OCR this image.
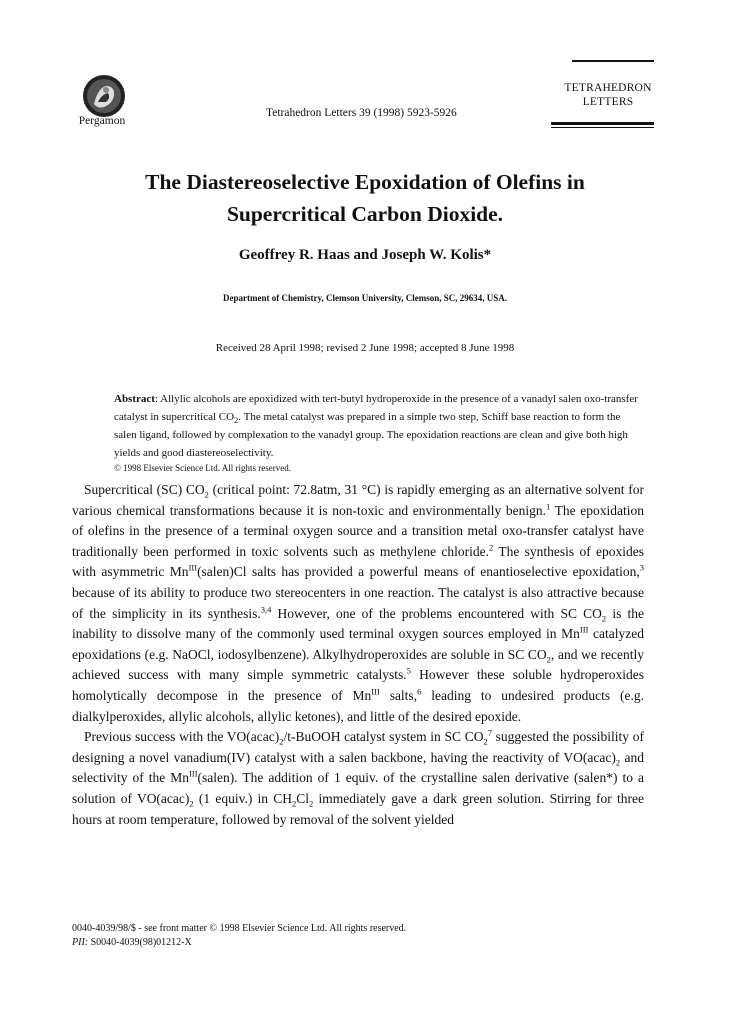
Pergamon
Tetrahedron Letters 39 (1998) 5923-5926
TETRAHEDRON
LETTERS
The Diastereoselective Epoxidation of Olefins in
Supercritical Carbon Dioxide.
Geoffrey R. Haas and Joseph W. Kolis*
Department of Chemistry, Clemson University, Clemson, SC, 29634, USA.
Received 28 April 1998; revised 2 June 1998; accepted 8 June 1998
Abstract: Allylic alcohols are epoxidized with tert-butyl hydroperoxide in the presence of a vanadyl salen oxo-transfer catalyst in supercritical $CO_2$. The metal catalyst was prepared in a simple two step, Schiff base reaction to form the salen ligand, followed by complexation to the vanadyl group. The epoxidation reactions are clean and give both high yields and good diastereoselectivity.
© 1998 Elsevier Science Ltd. All rights reserved.

Supercritical (SC) $CO_2$ (critical point: 72.8atm, 31 °C) is rapidly emerging as an alternative solvent for various chemical transformations because it is non-toxic and environmentally benign.$^1$ The epoxidation of olefins in the presence of a terminal oxygen source and a transition metal oxo-transfer catalyst have traditionally been performed in toxic solvents such as methylene chloride.$^2$ The synthesis of epoxides with asymmetric $Mn^{III}(salen)Cl$ salts has provided a powerful means of enantioselective epoxidation,$^3$ because of its ability to produce two stereocenters in one reaction. The catalyst is also attractive because of the simplicity in its synthesis.$^{3,4}$ However, one of the problems encountered with SC $CO_2$ is the inability to dissolve many of the commonly used terminal oxygen sources employed in $Mn^{III}$ catalyzed epoxidations (e.g. NaOCl, iodosylbenzene). Alkylhydroperoxides are soluble in SC $CO_2$, and we recently achieved success with many simple symmetric catalysts.$^5$ However these soluble hydroperoxides homolytically decompose in the presence of $Mn^{III}$ salts,$^6$ leading to undesired products (e.g. dialkylperoxides, allylic alcohols, allylic ketones), and little of the desired epoxide.

Previous success with the $VO(acac)_2/t$-BuOOH catalyst system in SC $CO_2^7$ suggested the possibility of designing a novel vanadium(IV) catalyst with a salen backbone, having the reactivity of $VO(acac)_2$ and selectivity of the $Mn^{III}(salen)$. The addition of 1 equiv. of the crystalline salen derivative (salen*) to a solution of $VO(acac)_2$ (1 equiv.) in $CH_2Cl_2$ immediately gave a dark green solution. Stirring for three hours at room temperature, followed by removal of the solvent yielded

0040-4039/98/$ - see front matter © 1998 Elsevier Science Ltd. All rights reserved.
PII: S0040-4039(98)01212-X
